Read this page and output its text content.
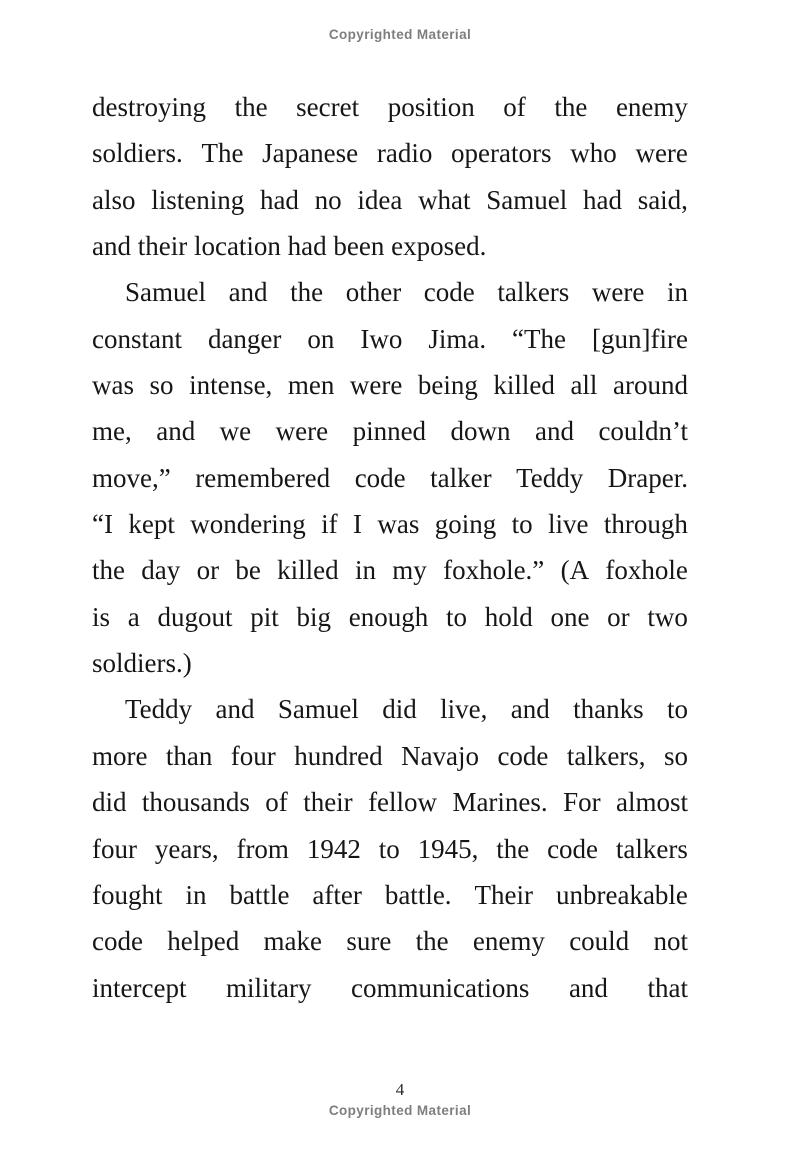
Copyrighted Material
destroying the secret position of the enemy
soldiers. The Japanese radio operators who were
also listening had no idea what Samuel had said,
and their location had been exposed.
Samuel and the other code talkers were in
constant danger on Iwo Jima. “The [gun]fire
was so intense, men were being killed all around
me, and we were pinned down and couldn’t
move,” remembered code talker Teddy Draper.
“I kept wondering if I was going to live through
the day or be killed in my foxhole.” (A foxhole
is a dugout pit big enough to hold one or two
soldiers.)
Teddy and Samuel did live, and thanks to
more than four hundred Navajo code talkers, so
did thousands of their fellow Marines. For almost
four years, from 1942 to 1945, the code talkers
fought in battle after battle. Their unbreakable
code helped make sure the enemy could not
intercept military communications and that
4
Copyrighted Material
